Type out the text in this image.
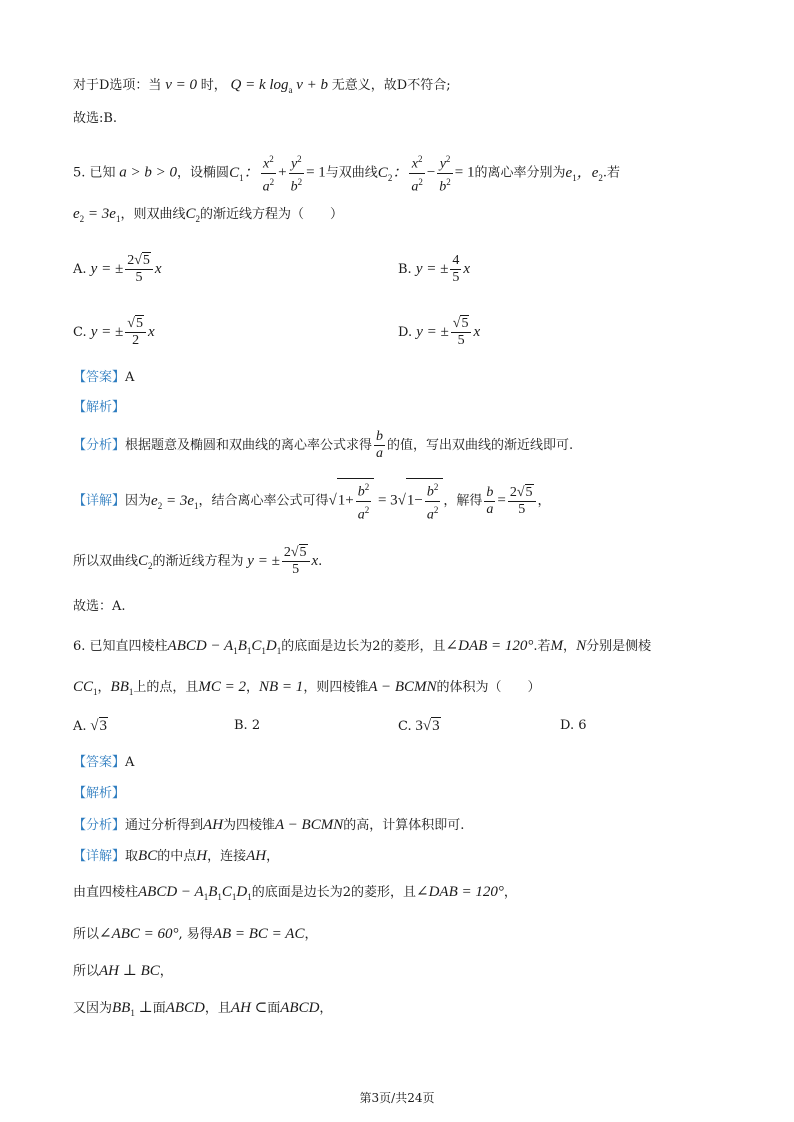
对于D选项：当 v = 0 时， Q = k $\log_a v + b$ 无意义，故D不符合;
故选:B.
5. 已知 a > b > 0，设椭圆$C_1$： $\frac{x^2}{a^2} + \frac{y^2}{b^2} = 1$与双曲线$C_2$： $\frac{x^2}{a^2} - \frac{y^2}{b^2} = 1$的离心率分别为$e_1$，$e_2$.若
$e_2 = 3e_1$，则双曲线$C_2$的渐近线方程为（　　）
A. y = ± $\frac{2√5}{5}$ x	B. y = ± $\frac{4}{5}$ x
C. y = ± $\frac{√5}{2}$ x	D. y = ± $\frac{√5}{5}$ x
【答案】A
【解析】
【分析】根据题意及椭圆和双曲线的离心率公式求得 $\frac{b}{a}$ 的值，写出双曲线的渐近线即可.
【详解】因为$e_2 = 3e_1$，结合离心率公式可得$√1+ \frac{b^2}{a^2} = 3√1- \frac{b^2}{a^2}$ ，解得 $\frac{b}{a} = \frac{2√5}{5}$ ，
所以双曲线$C_2$的渐近线方程为 y = ± $\frac{2√5}{5} x$.
故选：A.
6. 已知直四棱柱ABCD − $A_1B_1C_1D_1$的底面是边长为2的菱形，且∠DAB = 120°.若M，N分别是侧棱
$CC_1$，$BB_1$上的点，且MC = 2，NB = 1，则四棱锥A − BCMN的体积为（　　）
A. √3	B. 2	C. 3√3	D. 6
【答案】A
【解析】
【分析】通过分析得到AH为四棱锥A − BCMN的高，计算体积即可.
【详解】取BC的中点H，连接AH，
由直四棱柱ABCD − $A_1B_1C_1D_1$的底面是边长为2的菱形，且∠DAB = 120°，
所以∠ABC = 60°, 易得AB = BC = AC，
所以AH ⊥ BC，
又因为$BB_1$ ⊥面ABCD，且AH ⊂面ABCD，
第3页/共24页
